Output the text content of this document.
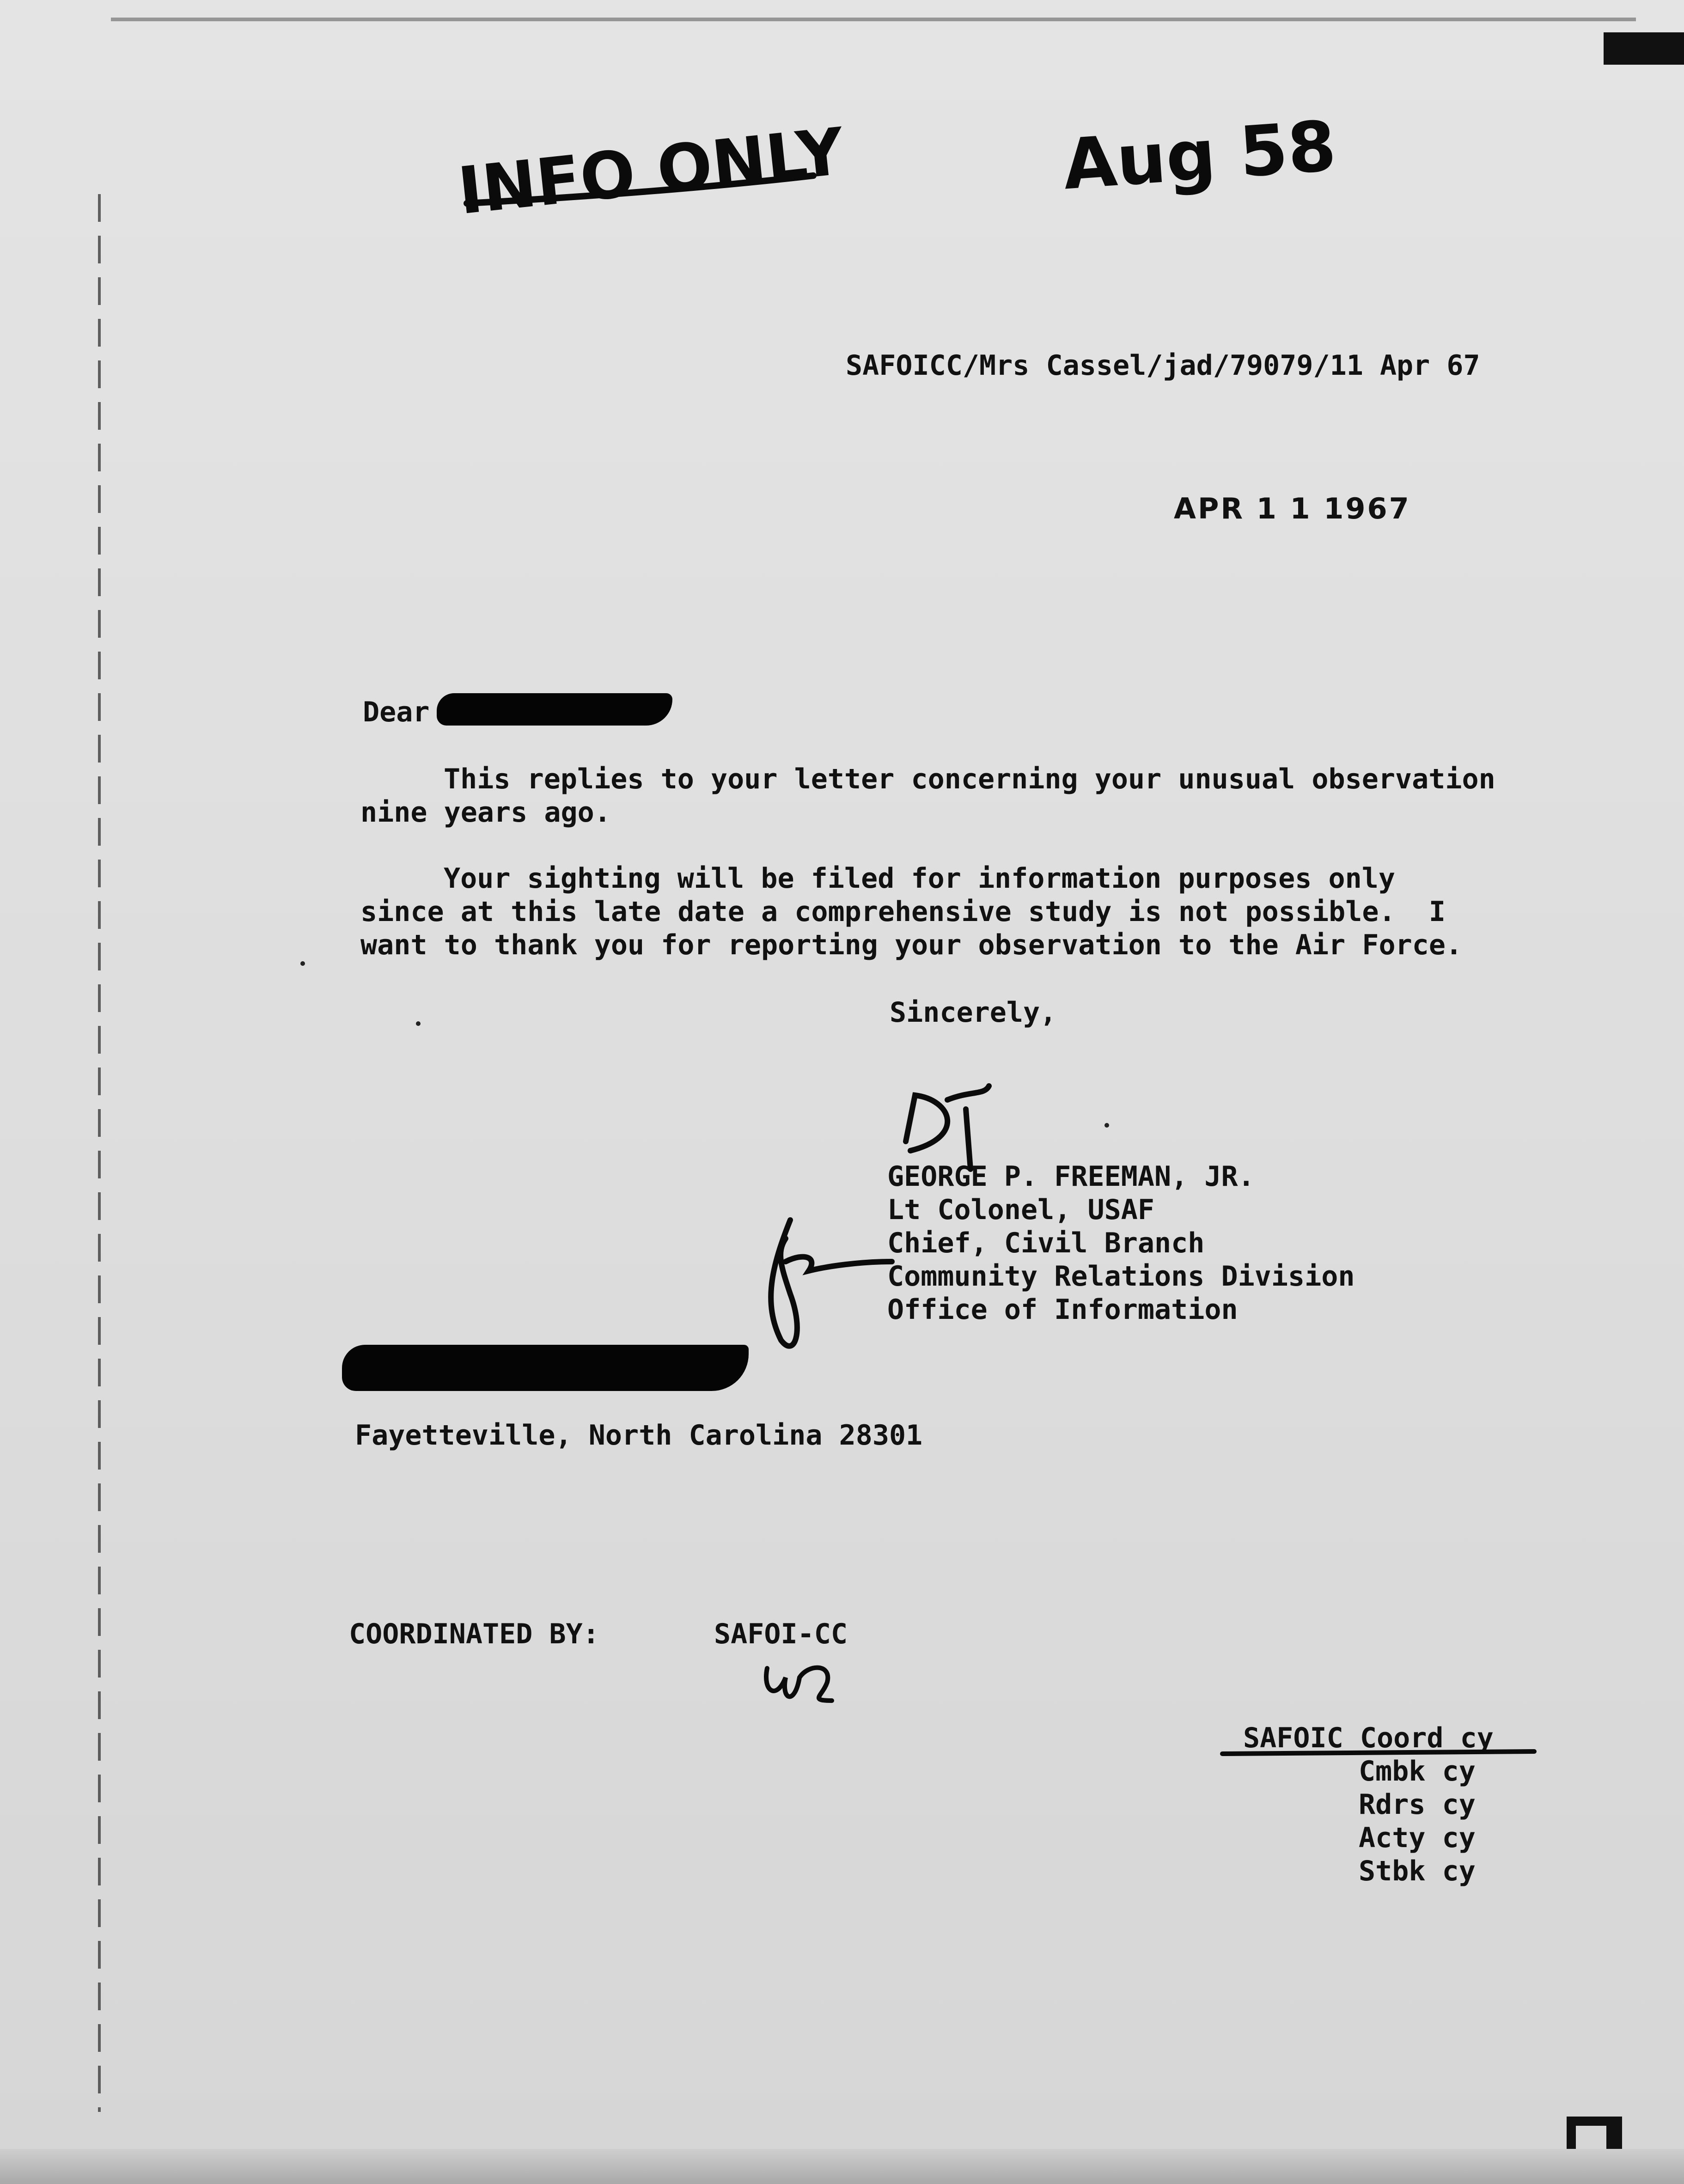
INFO ONLY	Aug 58
SAFOICC/Mrs Cassel/jad/79079/11 Apr 67
APR 1 1 1967
Dear
This replies to your letter concerning your unusual observation
nine years ago.
Your sighting will be filed for information purposes only
since at this late date a comprehensive study is not possible.  I
want to thank you for reporting your observation to the Air Force.
Sincerely,
GEORGE P. FREEMAN, JR.
Lt Colonel, USAF
Chief, Civil Branch
Community Relations Division
Office of Information
Fayetteville, North Carolina 28301
COORDINATED BY:	SAFOI-CC
SAFOIC Coord cy
Cmbk cy
Rdrs cy
Acty cy
Stbk cy
